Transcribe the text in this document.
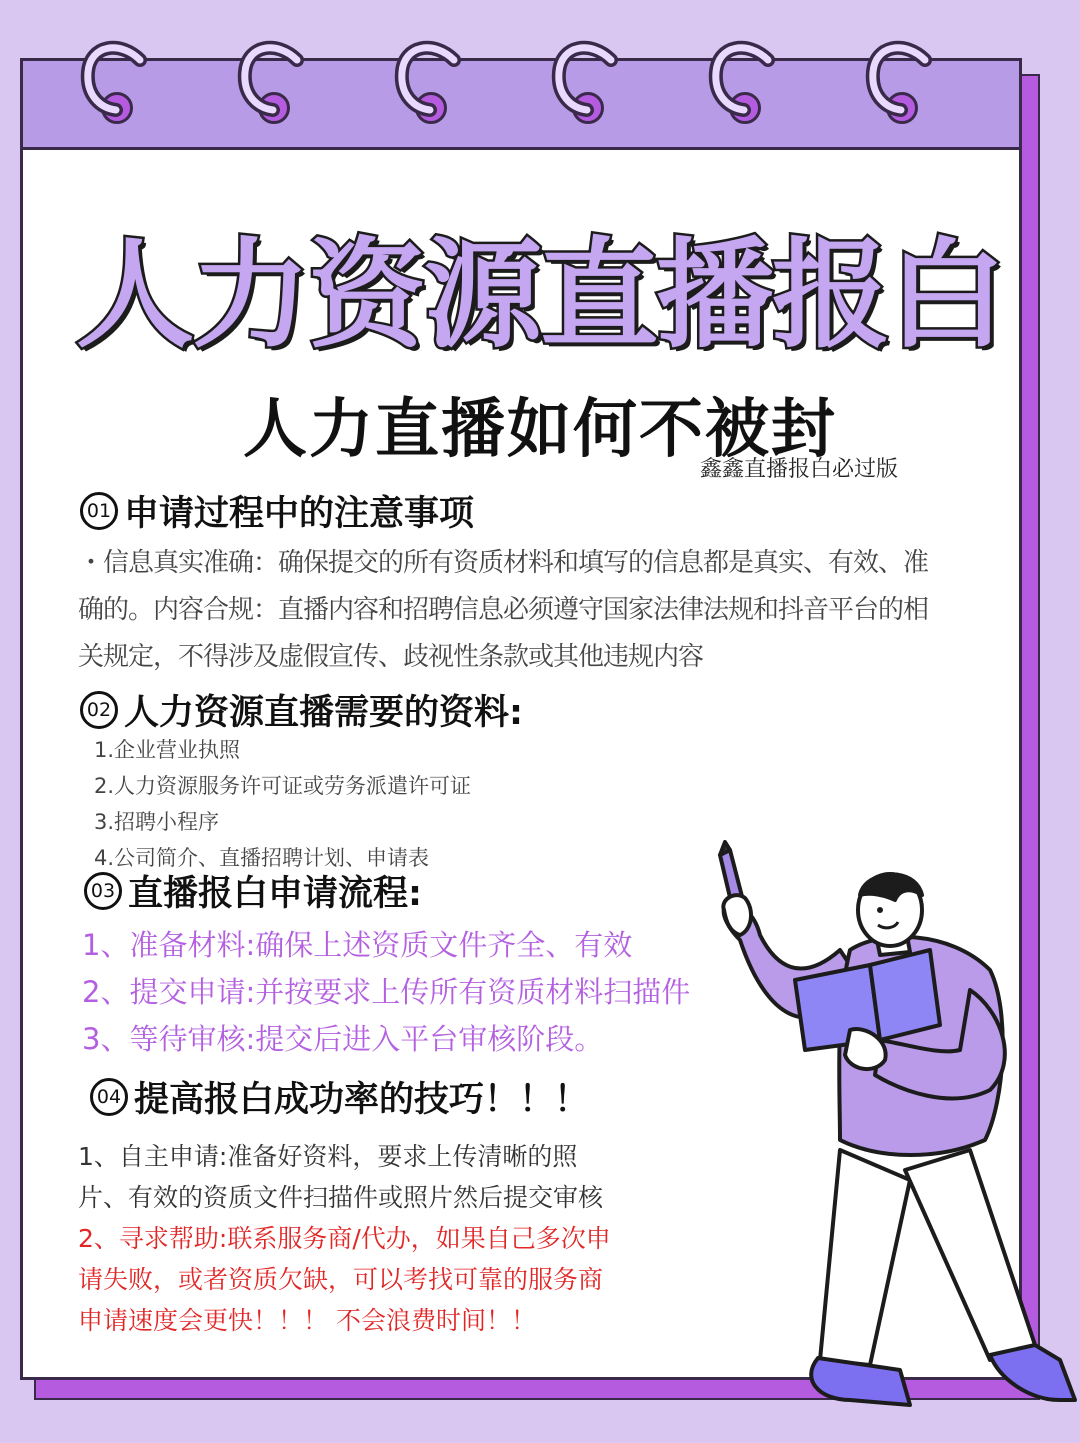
人力资源直播报白
人力直播如何不被封
鑫鑫直播报白必过版
01 申请过程中的注意事项
・信息真实准确：确保提交的所有资质材料和填写的信息都是真实、有效、准
确的。内容合规：直播内容和招聘信息必须遵守国家法律法规和抖音平台的相
关规定，不得涉及虚假宣传、歧视性条款或其他违规内容
02 人力资源直播需要的资料:
1.企业营业执照
2.人力资源服务许可证或劳务派遣许可证
3.招聘小程序
4.公司简介、直播招聘计划、申请表
03 直播报白申请流程:
1、准备材料:确保上述资质文件齐全、有效
2、提交申请:并按要求上传所有资质材料扫描件
3、等待审核:提交后进入平台审核阶段。
04 提高报白成功率的技巧！！！
1、自主申请:准备好资料，要求上传清晰的照
片、有效的资质文件扫描件或照片然后提交审核
2、寻求帮助:联系服务商/代办，如果自己多次申
请失败，或者资质欠缺，可以考找可靠的服务商
申请速度会更快！！！ 不会浪费时间！！
